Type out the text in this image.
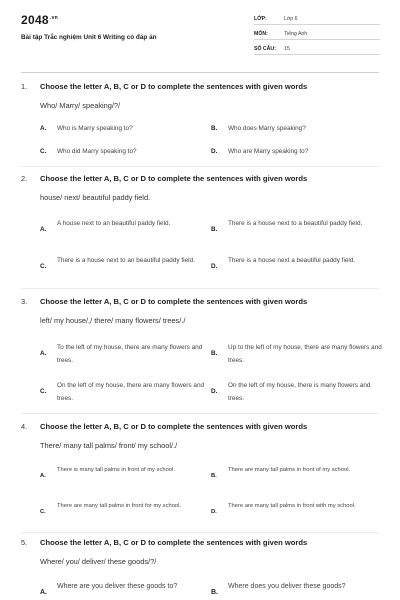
$2048^{.vn}$
Bài tập Trắc nghiệm Unit 6 Writing có đáp án
LỚP:	Lớp 6
MÔN:	Tiếng Anh
SỐ CÂU: 15
1. Choose the letter A, B, C or D to complete the sentences with given words
Who/ Marry/ speaking/?/
A. Who is Marry speaking to?	B. Who does Marry speaking?
C. Who did Marry speaking to?	D. Who are Marry speaking to?
2. Choose the letter A, B, C or D to complete the sentences with given words
house/ next/ beautiful paddy field.
A.
A house next to an beautiful paddy field.
B.
There is a house next to a beautiful paddy field.
C.
There is a house next to an beautiful paddy field.
D.
There is a house next a beautiful paddy field.
3. Choose the letter A, B, C or D to complete the sentences with given words
left/ my house/,/ there/ many flowers/ trees/./
A.
To the left of my house, there are many flowers and trees.
B.
Up to the left of my house, there are many flowers and trees.
C.
On the left of my house, there are many flowers and trees.
D.
On the left of my house, there is many flowers and trees.
4. Choose the letter A, B, C or D to complete the sentences with given words
There/ many tall palms/ front/ my school/./
A.
There is many tall palms in front of my school.
B.
There are many tall palms in front of my school.
C.
There are many tall palms in front for my school.
D.
There are many tall palms in front with my school.
5. Choose the letter A, B, C or D to complete the sentences with given words
Where/ you/ deliver/ these goods/?/
A.
Where are you deliver these goods to?
B.
Where does you deliver these goods?
